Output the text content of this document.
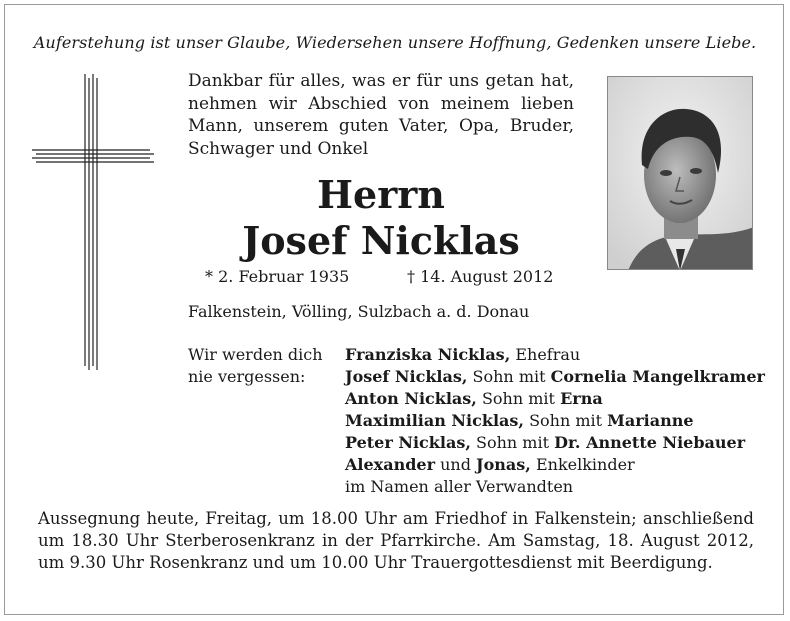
Auferstehung ist unser Glaube, Wiedersehen unsere Hoffnung, Gedenken unsere Liebe.
Dankbar für alles, was er für uns getan hat,
nehmen wir Abschied von meinem lieben
Mann, unserem guten Vater, Opa, Bruder,
Schwager und Onkel
Herrn
Josef Nicklas
* 2. Februar 1935	† 14. August 2012
Falkenstein, Völling, Sulzbach a. d. Donau
Wir werden dich
nie vergessen:
Franziska Nicklas, Ehefrau
Josef Nicklas, Sohn mit Cornelia Mangelkramer
Anton Nicklas, Sohn mit Erna
Maximilian Nicklas, Sohn mit Marianne
Peter Nicklas, Sohn mit Dr. Annette Niebauer
Alexander und Jonas, Enkelkinder
im Namen aller Verwandten
Aussegnung heute, Freitag, um 18.00 Uhr am Friedhof in Falkenstein; anschließend
um 18.30 Uhr Sterberosenkranz in der Pfarrkirche. Am Samstag, 18. August 2012,
um 9.30 Uhr Rosenkranz und um 10.00 Uhr Trauergottesdienst mit Beerdigung.
